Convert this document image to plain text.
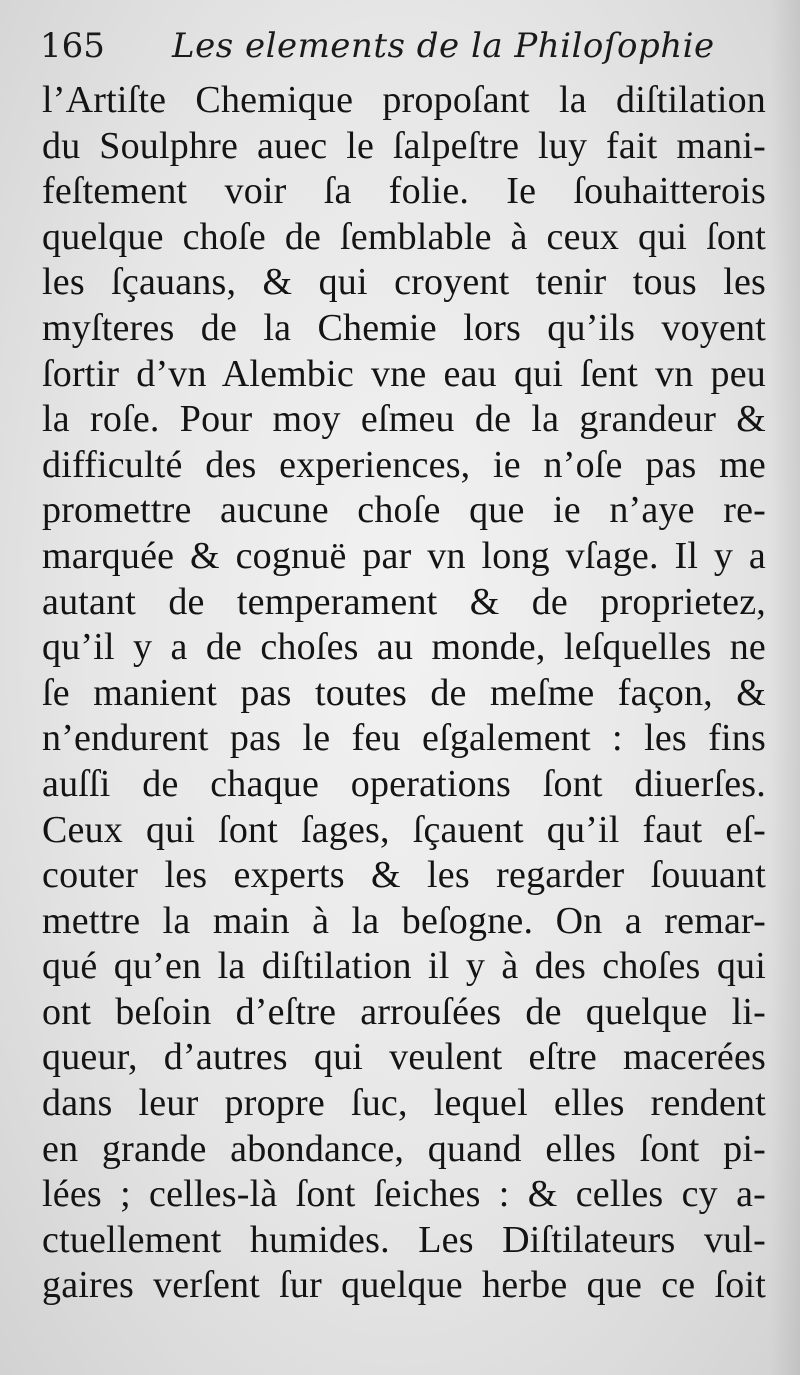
165 Les elements de la Philoſophie
l’Artiſte Chemique propoſant la diſtilation
du Soulphre auec le ſalpeſtre luy fait mani-
feſtement voir ſa folie. Ie ſouhaitterois
quelque choſe de ſemblable à ceux qui ſont
les ſçauans, & qui croyent tenir tous les
myſteres de la Chemie lors qu’ils voyent
ſortir d’vn Alembic vne eau qui ſent vn peu
la roſe. Pour moy eſmeu de la grandeur &
difficulté des experiences, ie n’oſe pas me
promettre aucune choſe que ie n’aye re-
marquée & cognuë par vn long vſage. Il y a
autant de temperament & de proprietez,
qu’il y a de choſes au monde, leſquelles ne
ſe manient pas toutes de meſme façon, &
n’endurent pas le feu eſgalement : les fins
auſſi de chaque operations ſont diuerſes.
Ceux qui ſont ſages, ſçauent qu’il faut eſ-
couter les experts & les regarder ſouuant
mettre la main à la beſogne. On a remar-
qué qu’en la diſtilation il y à des choſes qui
ont beſoin d’eſtre arrouſées de quelque li-
queur, d’autres qui veulent eſtre macerées
dans leur propre ſuc, lequel elles rendent
en grande abondance, quand elles ſont pi-
lées ; celles-là ſont ſeiches : & celles cy a-
ctuellement humides. Les Diſtilateurs vul-
gaires verſent ſur quelque herbe que ce ſoit
